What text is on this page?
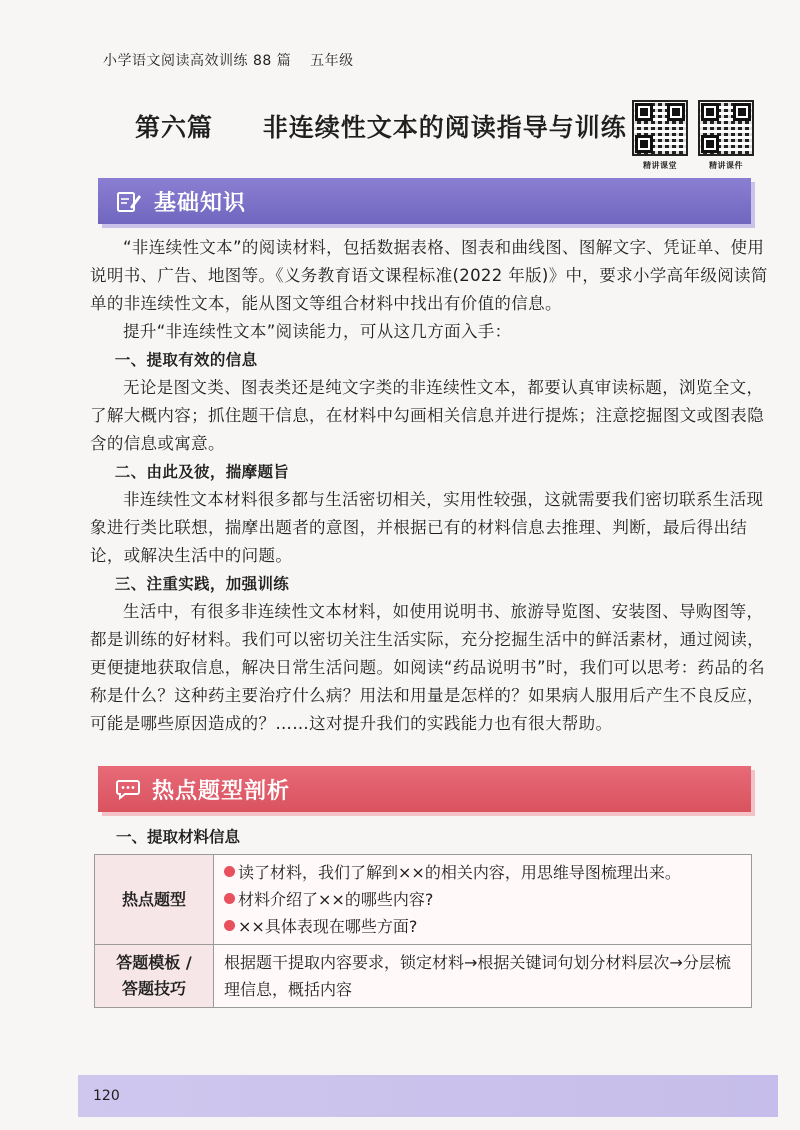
小学语文阅读高效训练 88 篇 五年级
第六篇 非连续性文本的阅读指导与训练
精讲课堂	精讲课件
基础知识

“非连续性文本”的阅读材料，包括数据表格、图表和曲线图、图解文字、凭证单、使用说明书、广告、地图等。《义务教育语文课程标准(2022 年版)》中，要求小学高年级阅读简单的非连续性文本，能从图文等组合材料中找出有价值的信息。

提升“非连续性文本”阅读能力，可从这几方面入手：

一、提取有效的信息

无论是图文类、图表类还是纯文字类的非连续性文本，都要认真审读标题，浏览全文，了解大概内容；抓住题干信息，在材料中勾画相关信息并进行提炼；注意挖掘图文或图表隐含的信息或寓意。

二、由此及彼，揣摩题旨

非连续性文本材料很多都与生活密切相关，实用性较强，这就需要我们密切联系生活现象进行类比联想，揣摩出题者的意图，并根据已有的材料信息去推理、判断，最后得出结论，或解决生活中的问题。

三、注重实践，加强训练

生活中，有很多非连续性文本材料，如使用说明书、旅游导览图、安装图、导购图等，都是训练的好材料。我们可以密切关注生活实际，充分挖掘生活中的鲜活素材，通过阅读，更便捷地获取信息，解决日常生活问题。如阅读“药品说明书”时，我们可以思考：药品的名称是什么？这种药主要治疗什么病？用法和用量是怎样的？如果病人服用后产生不良反应，可能是哪些原因造成的？……这对提升我们的实践能力也有很大帮助。

热点题型剖析
一、提取材料信息
热点题型	读了材料，我们了解到××的相关内容，用思维导图梳理出来。
材料介绍了××的哪些内容?
××具体表现在哪些方面?

答题模板 /
答题技巧	根据题干提取内容要求，锁定材料→根据关键词句划分材料层次→分层梳理信息，概括内容
120
